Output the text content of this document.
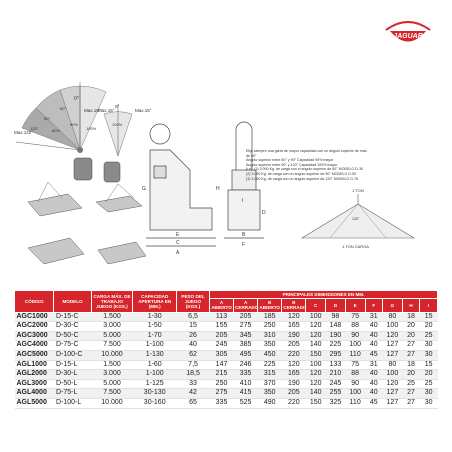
JAGUAR
0°
Max.15°
Max.120°
60°
90°
120°	100%
90%
80%
0°
Max.15°	Max.15°
100%
G	H
E
C
A
I
D
B
F
1 TON
1 TON CARGA
120°
Elija siempre una garra de mayor capacidad con un ángulo superior de más
de 60°
Angulo superior entre 60° y 90° Capacidad 90% mayor
Angulo superior entre 90° y 120° Capacidad 100% mayor
(i.e). (1) 3.000 Kg. de carga con el angulo superior de 60° MODELO D-30
(2) 3.000 Kg. de carga con un angulo superior de 90° MODELO D-50
(3) 3.000 Kg. de carga con un angulo superior de 120° MODELO D-75
CÓDIGO	MODELO	CARGA MÁX. DE TRABAJO JUEGO (KGS.)	CAPACIDAD APERTURA EN (MM.)	PESO DEL JUEGO (KGS.)	PRINCIPALES DIMENSIONES EN MM.										
					A ABIERTO	A CERRADO	B ABIERTO	B CERRADO	C	D	E	F	G	H	I
AGC1000	D-15-C	1.500	1-30	6,5	113	205	185	120	100	98	75	31	80	18	15
AGC2000	D-30-C	3.000	1-50	15	155	275	250	165	120	148	88	40	100	20	20
AGC3000	D-50-C	5.000	1-70	26	205	345	310	190	120	190	90	40	120	20	25
AGC4000	D-75-C	7.500	1-100	40	245	385	350	205	140	225	100	40	127	27	30
AGC5000	D-100-C	10.000	1-130	62	305	495	450	220	150	295	110	45	127	27	30
AGL1000	D-15-L	1.500	1-60	7,5	147	246	225	120	100	133	75	31	80	18	15
AGL2000	D-30-L	3.000	1-100	18,5	215	335	315	165	120	210	88	40	100	20	20
AGL3000	D-50-L	5.000	1-125	33	250	410	370	190	120	245	90	40	120	25	25
AGL4000	D-75-L	7.500	30-130	42	275	415	350	205	140	255	100	40	127	27	30
AGL5000	D-100-L	10.000	30-160	65	335	525	490	220	150	325	110	45	127	27	30
